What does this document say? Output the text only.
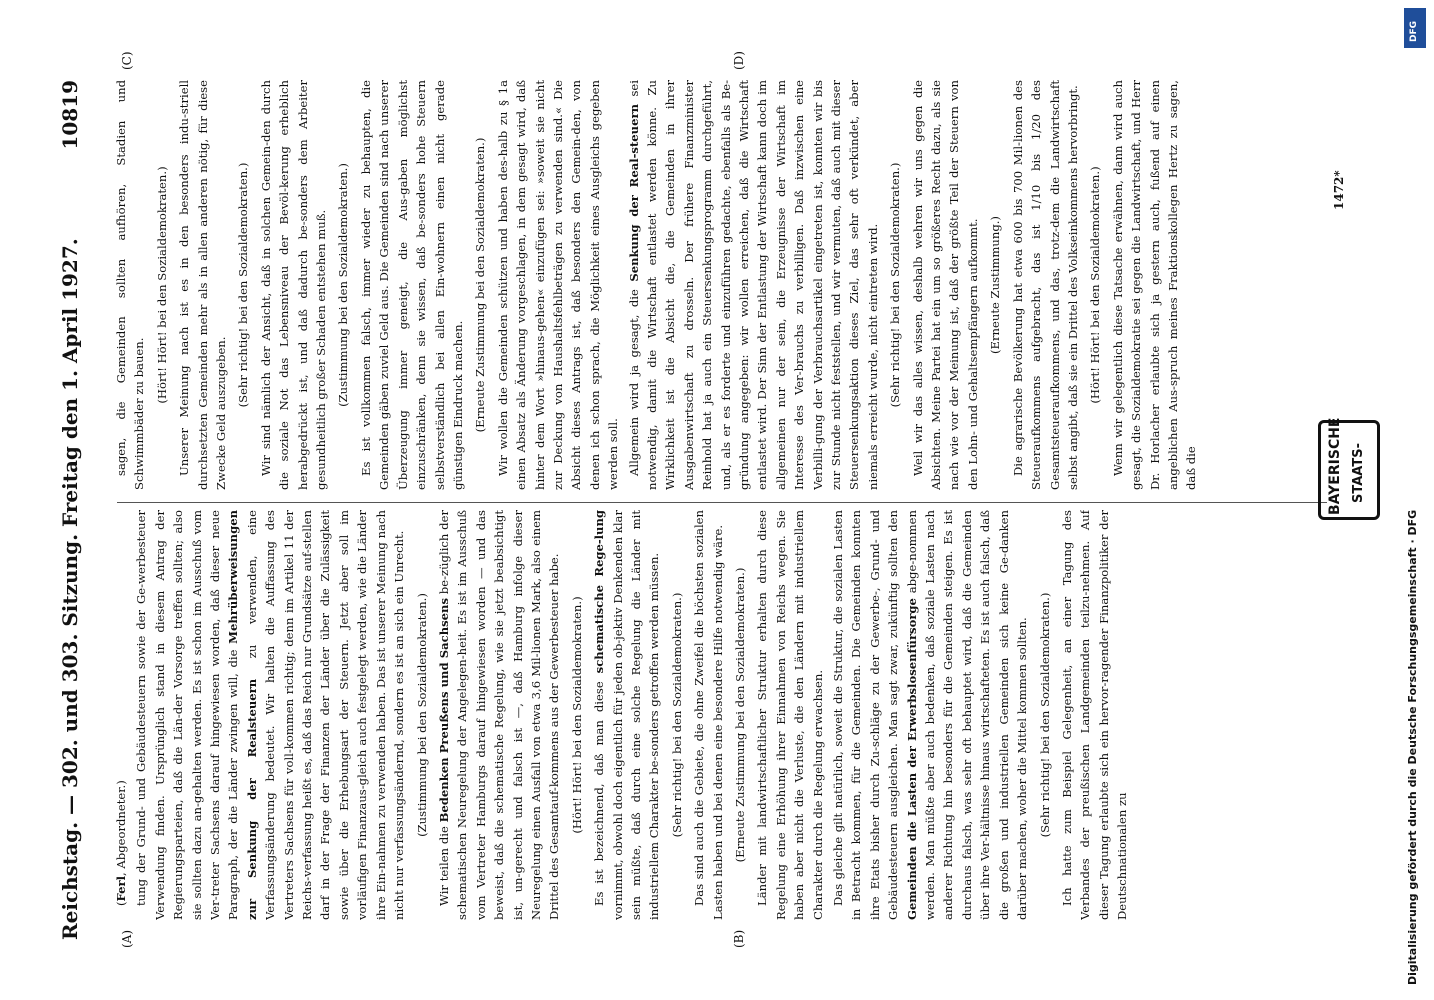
Reichstag. — 302. und 303. Sitzung. Freitag den 1. April 1927.
10819
(A)	(B)
(C)	(D)

(Ferl, Abgeordneter.) tung der Grund- und Gebäudesteuern sowie der Ge-werbesteuer Verwendung finden. Ursprünglich stand in diesem Antrag der Regierungsparteien, daß die Län-der Vorsorge treffen sollten; also sie sollten dazu an-gehalten werden. Es ist schon im Ausschuß vom Ver-treter Sachsens darauf hingewiesen worden, daß dieser neue Paragraph, der die Länder zwingen will, die Mehrüberweisungen zur Senkung der Realsteuern zu verwenden, eine Verfassungsänderung bedeutet. Wir halten die Auffassung des Vertreters Sachsens für voll-kommen richtig; denn im Artikel 11 der Reichs-verfassung heißt es, daß das Reich nur Grundsätze auf-stellen darf in der Frage der Finanzen der Länder über die Zulässigkeit sowie über die Erhebungsart der Steuern. Jetzt aber soll im vorläufigen Finanzaus-gleich auch festgelegt werden, wie die Länder ihre Ein-nahmen zu verwenden haben. Das ist unserer Meinung nach nicht nur verfassungsändernd, sondern es ist an sich ein Unrecht. (Zustimmung bei den Sozialdemokraten.)

Wir teilen die Bedenken Preußens und Sachsens be-züglich der schematischen Neuregelung der Angelegen-heit. Es ist im Ausschuß vom Vertreter Hamburgs darauf hingewiesen worden — und das beweist, daß die schematische Regelung, wie sie jetzt beabsichtigt ist, un-gerecht und falsch ist —, daß Hamburg infolge dieser Neuregelung einen Ausfall von etwa 3,6 Mil-lionen Mark, also einem Drittel des Gesamtauf-kommens aus der Gewerbesteuer habe. (Hört! Hört! bei den Sozialdemokraten.) Es ist bezeichnend, daß man diese schematische Rege-lung vornimmt, obwohl doch eigentlich für jeden ob-jektiv Denkenden klar sein müßte, daß durch eine solche Regelung die Länder mit industriellem Charakter be-sonders getroffen werden müssen. (Sehr richtig! bei den Sozialdemokraten.) Das sind auch die Gebiete, die ohne Zweifel die höchsten sozialen Lasten haben und bei denen eine besondere Hilfe notwendig wäre. (Erneute Zustimmung bei den Sozialdemokraten.) Länder mit landwirtschaftlicher Struktur erhalten durch diese Regelung eine Erhöhung ihrer Einnahmen von Reichs wegen. Sie haben aber nicht die Verluste, die den Ländern mit industriellem Charakter durch die Regelung erwachsen. Das gleiche gilt natürlich, soweit die Struktur, die sozialen Lasten in Betracht kommen, für die Gemeinden. Die Gemeinden konnten ihre Etats bisher durch Zu-schläge zu der Gewerbe-, Grund- und Gebäudesteuern ausgleichen. Man sagt zwar, zukünftig sollten den Gemeinden die Lasten der Erwerbslosenfürsorge abge-nommen werden. Man müßte aber auch bedenken, daß soziale Lasten nach anderer Richtung hin besonders für die Gemeinden steigen. Es ist durchaus falsch, was sehr oft behauptet wird, daß die Gemeinden über ihre Ver-hältnisse hinaus wirtschafteten. Es ist auch falsch, daß die großen und industriellen Gemeinden sich keine Ge-danken darüber machen, woher die Mittel kommen sollten. (Sehr richtig! bei den Sozialdemokraten.) Ich hatte zum Beispiel Gelegenheit, an einer Tagung des Verbandes der preußischen Landgemeinden teilzu-nehmen. Auf dieser Tagung erlaubte sich ein hervor-ragender Finanzpolitiker der Deutschnationalen zu

sagen, die Gemeinden sollten aufhören, Stadien und Schwimmbäder zu bauen.

(Hört! Hört! bei den Sozialdemokraten.) Unserer Meinung nach ist es in den besonders indu-striell durchsetzten Gemeinden mehr als in allen anderen nötig, für diese Zwecke Geld auszugeben.

(Sehr richtig! bei den Sozialdemokraten.) Wir sind nämlich der Ansicht, daß in solchen Gemein-den durch die soziale Not das Lebensniveau der Bevöl-kerung erheblich herabgedrückt ist, und daß dadurch be-sonders dem Arbeiter gesundheitlich großer Schaden entstehen muß. (Zustimmung bei den Sozialdemokraten.) Es ist vollkommen falsch, immer wieder zu behaupten, die Gemeinden gäben zuviel Geld aus. Die Gemeinden sind nach unserer Überzeugung immer geneigt, die Aus-gaben möglichst einzuschränken, denn sie wissen, daß be-sonders hohe Steuern selbstverständlich bei allen Ein-wohnern einen nicht gerade günstigen Eindruck machen. (Erneute Zustimmung bei den Sozialdemokraten.) Wir wollen die Gemeinden schützen und haben des-halb zu § 1a einen Absatz als Änderung vorgeschlagen, in dem gesagt wird, daß hinter dem Wort »hinaus-gehen« einzufügen sei: »soweit sie nicht zur Deckung von Haushaltsfehlbeträgen zu verwenden sind.« Die Absicht dieses Antrags ist, daß besonders den Gemein-den, von denen ich schon sprach, die Möglichkeit eines Ausgleichs gegeben werden soll. Allgemein wird ja gesagt, die Senkung der Real-steuern sei notwendig, damit die Wirtschaft entlastet werden könne. Zu Wirklichkeit ist die Absicht die, die Gemeinden in ihrer Ausgabenwirtschaft zu drosseln. Der frühere Finanzminister Reinhold hat ja auch ein Steuersenkungsprogramm durchgeführt, und, als er es forderte und einzuführen gedachte, ebenfalls als Be-gründung angegeben: wir wollen erreichen, daß die Wirtschaft entlastet wird. Der Sinn der Entlastung der Wirtschaft kann doch im allgemeinen nur der sein, die Erzeugnisse der Wirtschaft im Interesse des Ver-brauchs zu verbilligen. Daß inzwischen eine Verbilli-gung der Verbrauchsartikel eingetreten ist, konnten wir bis zur Stunde nicht feststellen, und wir vermuten, daß auch mit dieser Steuersenkungsaktion dieses Ziel, das sehr oft verkündet, aber niemals erreicht wurde, nicht eintreten wird. (Sehr richtig! bei den Sozialdemokraten.) Weil wir das alles wissen, deshalb wehren wir uns gegen die Absichten. Meine Partei hat ein um so größeres Recht dazu, als sie nach wie vor der Meinung ist, daß der größte Teil der Steuern von den Lohn- und Gehaltsempfängern aufkommt. (Erneute Zustimmung.) Die agrarische Bevölkerung hat etwa 600 bis 700 Mil-lionen des Steueraufkommens aufgebracht, das ist 1/10 bis 1/20 des Gesamtsteueraufkommens, und das, trotz-dem die Landwirtschaft selbst angibt, daß sie ein Drittel des Volkseinkommens hervorbringt. (Hört! Hört! bei den Sozialdemokraten.) Wenn wir gelegentlich diese Tatsache erwähnen, dann wird auch gesagt, die Sozialdemokratie sei gegen die Landwirtschaft, und Herr Dr. Horlacher erlaubte sich ja gestern auch, fußend auf einen angeblichen Aus-spruch meines Fraktionskollegen Hertz zu sagen, daß die

1472*
BAYERISCHE STAATS-
DFG
Digitalisierung gefördert durch die Deutsche Forschungsgemeinschaft · DFG
